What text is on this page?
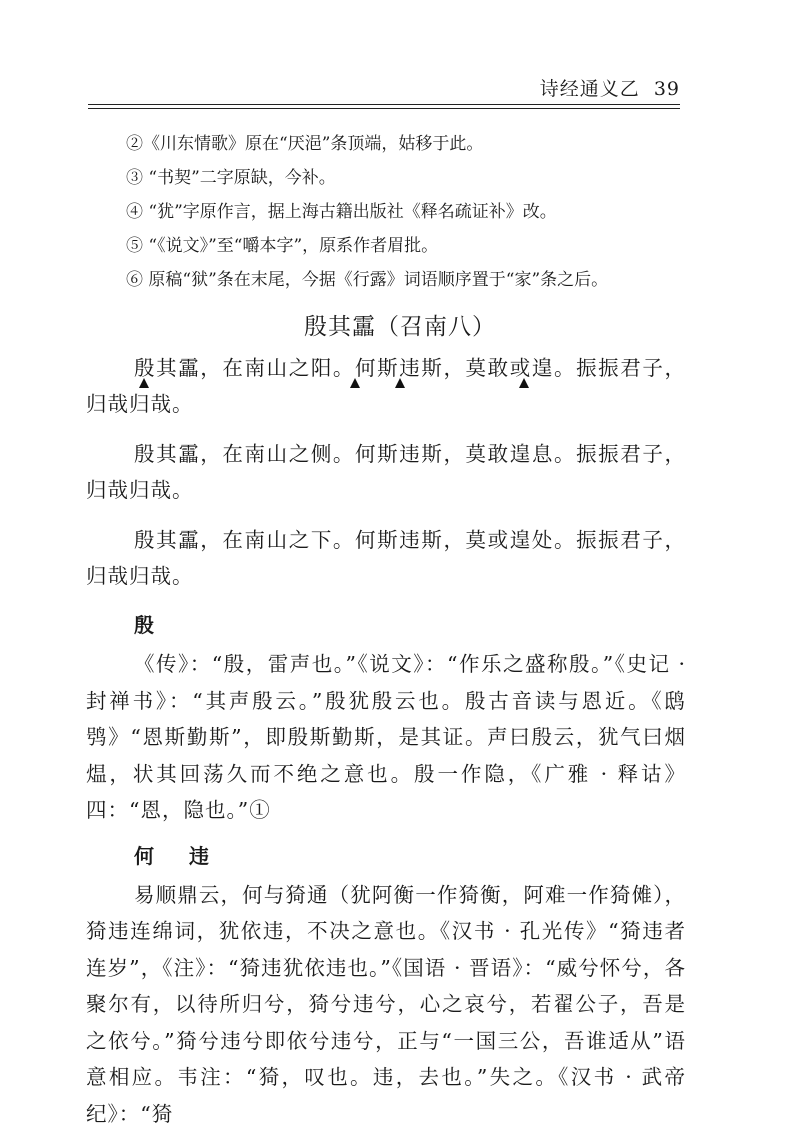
诗经通义乙 39
②《川东情歌》原在“厌浥”条顶端，姑移于此。
③ “书契”二字原缺，今补。
④ “犹”字原作言，据上海古籍出版社《释名疏证补》改。
⑤ “《说文》”至“嚼本字”，原系作者眉批。
⑥ 原稿“狱”条在末尾，今据《行露》词语顺序置于“家”条之后。
殷其靁（召南八）

殷其靁，在南山之阳。何斯违斯，莫敢或遑。振振君子，归哉归哉。

殷其靁，在南山之侧。何斯违斯，莫敢遑息。振振君子，归哉归哉。

殷其靁，在南山之下。何斯违斯，莫或遑处。振振君子，归哉归哉。

殷

《传》：“殷，雷声也。”《说文》：“作乐之盛称殷。”《史记 · 封禅书》：“其声殷云。”殷犹殷云也。殷古音读与恩近。《鸱鸮》“恩斯勤斯”，即殷斯勤斯，是其证。声曰殷云，犹气曰烟煴，状其回荡久而不绝之意也。殷一作隐，《广雅 · 释诂》四：“恩，隐也。”①

何 违

易顺鼎云，何与猗通（犹阿衡一作猗衡，阿难一作猗傩），猗违连绵词，犹依违，不决之意也。《汉书 · 孔光传》“猗违者连岁”，《注》：“猗违犹依违也。”《国语 · 晋语》：“威兮怀兮，各聚尔有，以待所归兮，猗兮违兮，心之哀兮，若翟公子，吾是之依兮。”猗兮违兮即依兮违兮，正与“一国三公，吾谁适从”语意相应。韦注：“猗，叹也。违，去也。”失之。《汉书 · 武帝纪》：“猗
